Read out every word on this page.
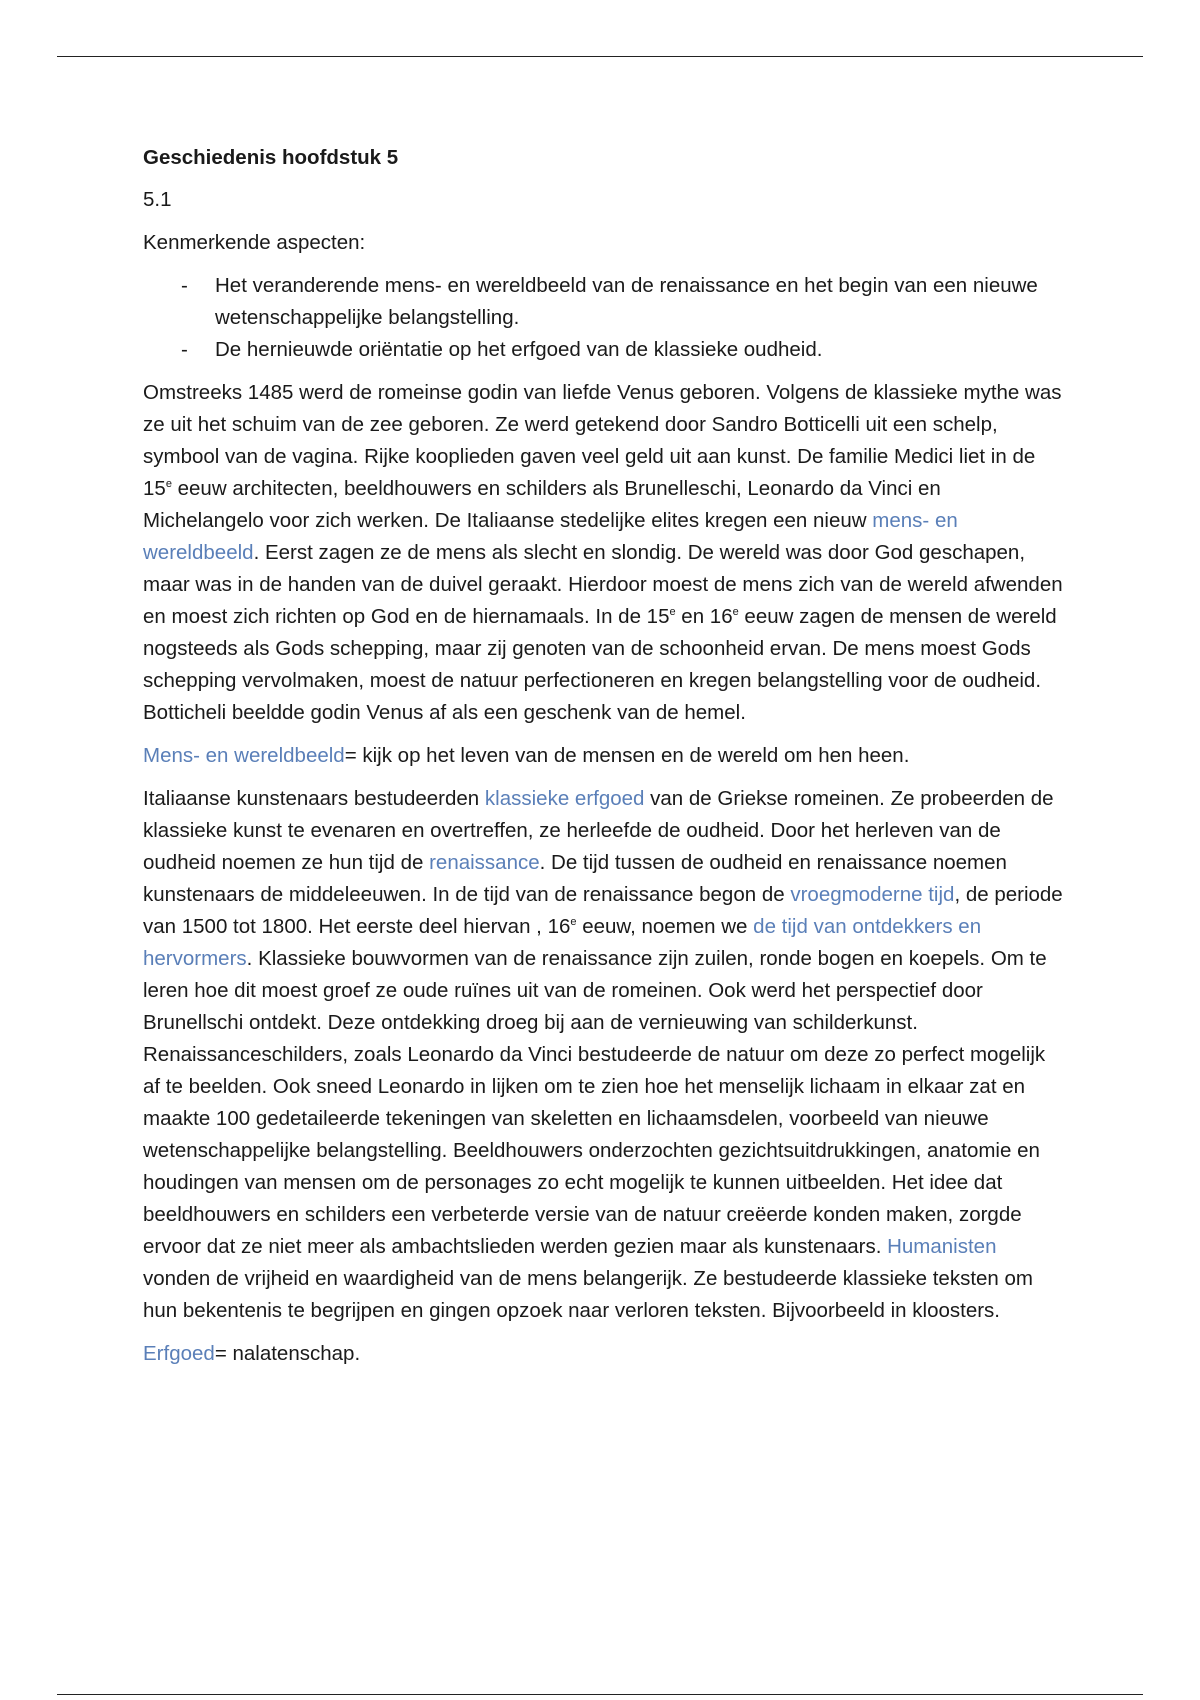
Geschiedenis hoofdstuk 5

5.1

Kenmerkende aspecten:

- Het veranderende mens- en wereldbeeld van de renaissance en het begin van een nieuwe wetenschappelijke belangstelling.
- De hernieuwde oriëntatie op het erfgoed van de klassieke oudheid.

Omstreeks 1485 werd de romeinse godin van liefde Venus geboren. Volgens de klassieke mythe was ze uit het schuim van de zee geboren. Ze werd getekend door Sandro Botticelli uit een schelp, symbool van de vagina. Rijke kooplieden gaven veel geld uit aan kunst. De familie Medici liet in de 15e eeuw architecten, beeldhouwers en schilders als Brunelleschi, Leonardo da Vinci en Michelangelo voor zich werken. De Italiaanse stedelijke elites kregen een nieuw mens- en wereldbeeld. Eerst zagen ze de mens als slecht en slondig. De wereld was door God geschapen, maar was in de handen van de duivel geraakt. Hierdoor moest de mens zich van de wereld afwenden en moest zich richten op God en de hiernamaals. In de 15e en 16e eeuw zagen de mensen de wereld nogsteeds als Gods schepping, maar zij genoten van de schoonheid ervan. De mens moest Gods schepping vervolmaken, moest de natuur perfectioneren en kregen belangstelling voor de oudheid. Botticheli beeldde godin Venus af als een geschenk van de hemel.

Mens- en wereldbeeld= kijk op het leven van de mensen en de wereld om hen heen.

Italiaanse kunstenaars bestudeerden klassieke erfgoed van de Griekse romeinen. Ze probeerden de klassieke kunst te evenaren en overtreffen, ze herleefde de oudheid. Door het herleven van de oudheid noemen ze hun tijd de renaissance. De tijd tussen de oudheid en renaissance noemen kunstenaars de middeleeuwen. In de tijd van de renaissance begon de vroegmoderne tijd, de periode van 1500 tot 1800. Het eerste deel hiervan , 16e eeuw, noemen we de tijd van ontdekkers en hervormers. Klassieke bouwvormen van de renaissance zijn zuilen, ronde bogen en koepels. Om te leren hoe dit moest groef ze oude ruïnes uit van de romeinen. Ook werd het perspectief door Brunellschi ontdekt. Deze ontdekking droeg bij aan de vernieuwing van schilderkunst. Renaissanceschilders, zoals Leonardo da Vinci bestudeerde de natuur om deze zo perfect mogelijk af te beelden. Ook sneed Leonardo in lijken om te zien hoe het menselijk lichaam in elkaar zat en maakte 100 gedetaileerde tekeningen van skeletten en lichaamsdelen, voorbeeld van nieuwe wetenschappelijke belangstelling. Beeldhouwers onderzochten gezichtsuitdrukkingen, anatomie en houdingen van mensen om de personages zo echt mogelijk te kunnen uitbeelden. Het idee dat beeldhouwers en schilders een verbeterde versie van de natuur creëerde konden maken, zorgde ervoor dat ze niet meer als ambachtslieden werden gezien maar als kunstenaars. Humanisten vonden de vrijheid en waardigheid van de mens belangerijk. Ze bestudeerde klassieke teksten om hun bekentenis te begrijpen en gingen opzoek naar verloren teksten. Bijvoorbeeld in kloosters.

Erfgoed= nalatenschap.
